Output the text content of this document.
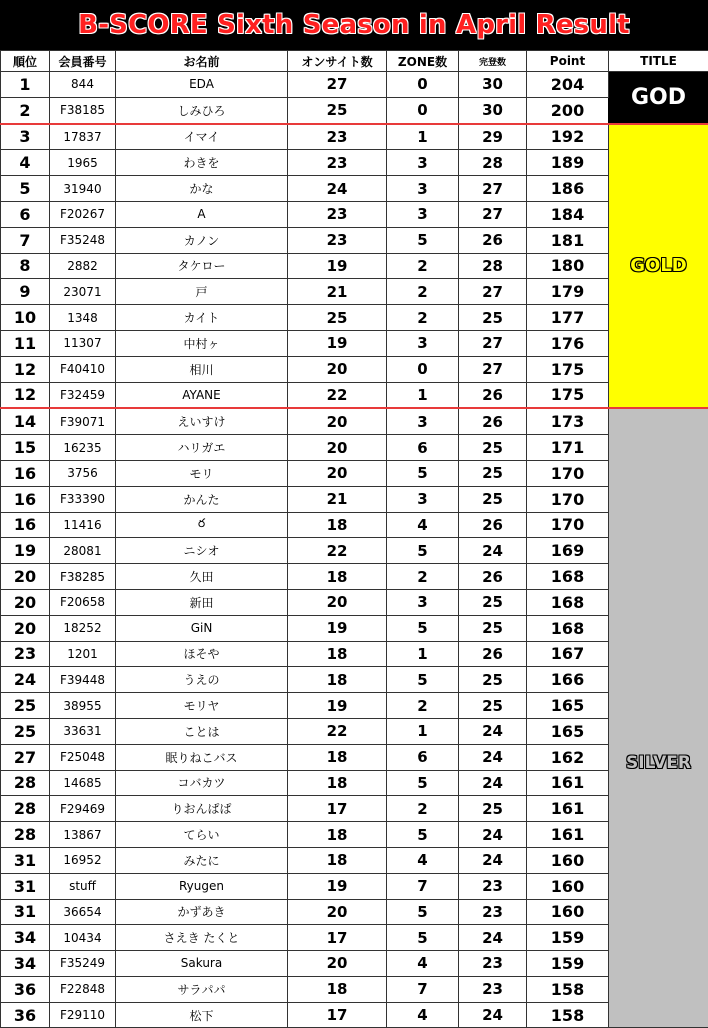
B-SCORE Sixth Season in April Result
順位	会員番号	お名前	オンサイト数	ZONE数	完登数	Point	TITLE
1	844	EDA	27	0	30	204	GOD
2	F38185	しみひろ	25	0	30	200	
3	17837	イマイ	23	1	29	192	GOLD
4	1965	わきを	23	3	28	189	
5	31940	かな	24	3	27	186	
6	F20267	A	23	3	27	184	
7	F35248	カノン	23	5	26	181	
8	2882	タケロー	19	2	28	180	
9	23071	戸	21	2	27	179	
10	1348	カイト	25	2	25	177	
11	11307	中村ヶ	19	3	27	176	
12	F40410	相川	20	0	27	175	
12	F32459	AYANE	22	1	26	175	
14	F39071	えいすけ	20	3	26	173	SILVER
15	16235	ハリガエ	20	6	25	171	
16	3756	モリ	20	5	25	170	
16	F33390	かんた	21	3	25	170	
16	11416	ర	18	4	26	170	
19	28081	ニシオ	22	5	24	169	
20	F38285	久田	18	2	26	168	
20	F20658	新田	20	3	25	168	
20	18252	GiN	19	5	25	168	
23	1201	ほそや	18	1	26	167	
24	F39448	うえの	18	5	25	166	
25	38955	モリヤ	19	2	25	165	
25	33631	ことは	22	1	24	165	
27	F25048	眠りねこバス	18	6	24	162	
28	14685	コバカツ	18	5	24	161	
28	F29469	りおんぱぱ	17	2	25	161	
28	13867	てらい	18	5	24	161	
31	16952	みたに	18	4	24	160	
31	stuff	Ryugen	19	7	23	160	
31	36654	かずあき	20	5	23	160	
34	10434	さえき たくと	17	5	24	159	
34	F35249	Sakura	20	4	23	159	
36	F22848	サラパパ	18	7	23	158	
36	F29110	松下	17	4	24	158	
